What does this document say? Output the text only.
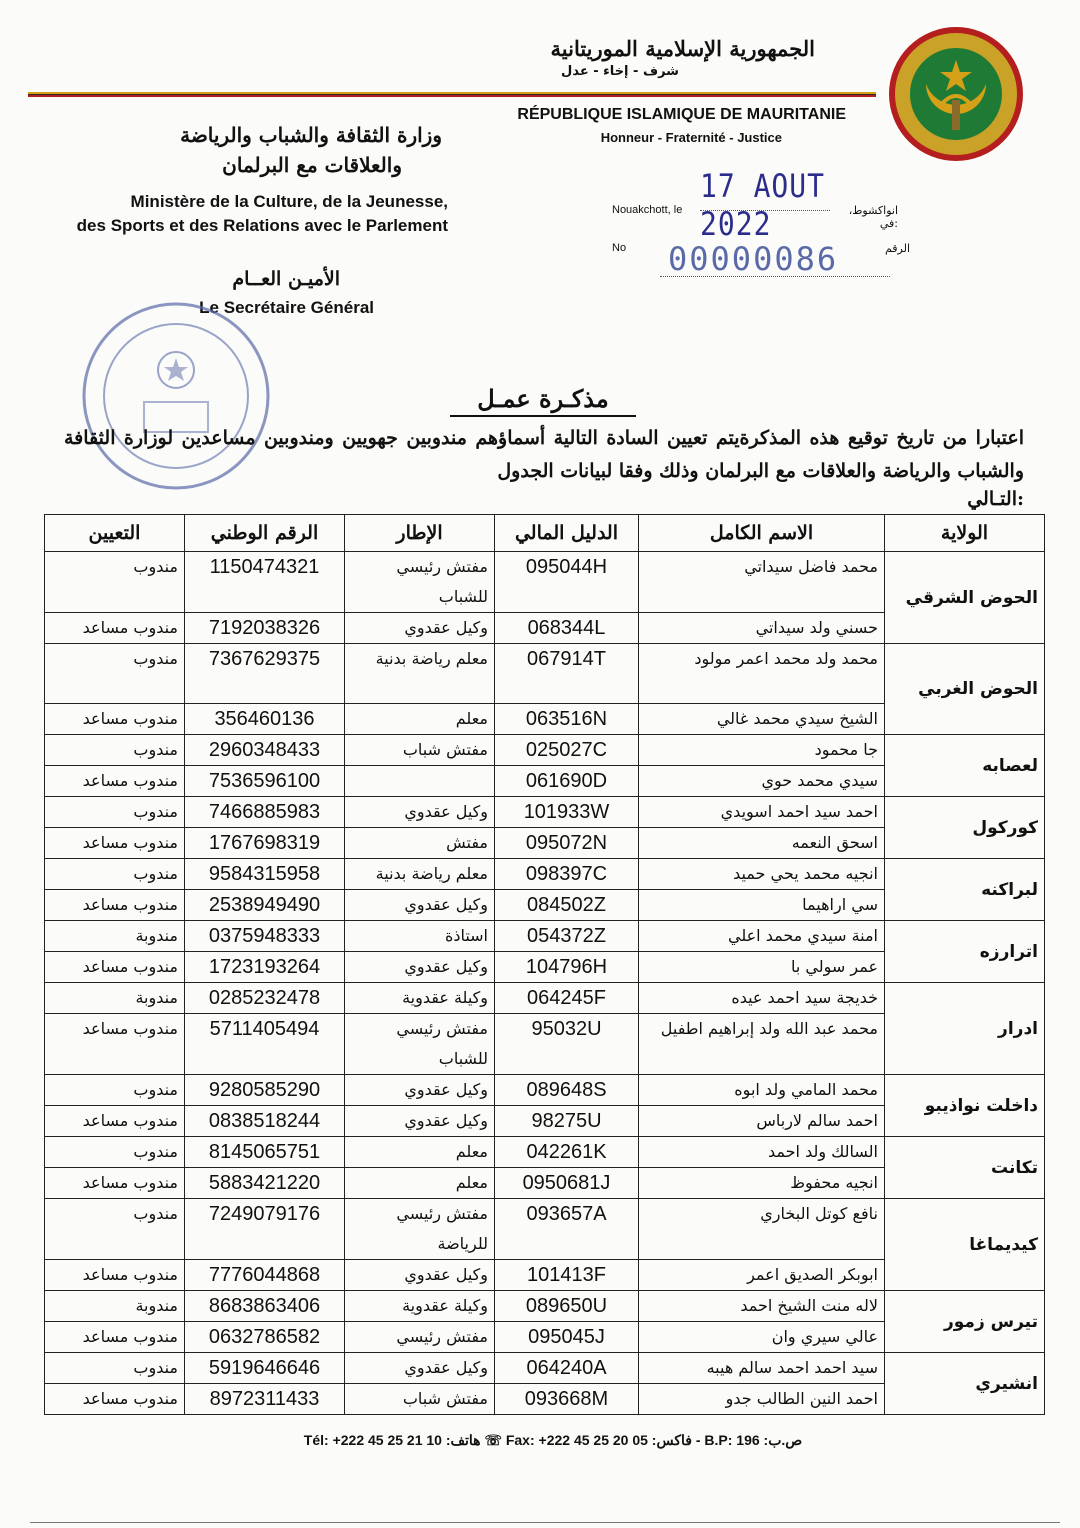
الجمهورية الإسلامية الموريتانية
شرف - إخاء - عدل
RÉPUBLIQUE ISLAMIQUE DE MAURITANIE
Honneur - Fraternité - Justice
وزارة الثقافة والشباب والرياضة
والعلاقات مع البرلمان
Ministère de la Culture, de la Jeunesse,
des Sports et des Relations avec le Parlement
الأميـن العــام
Le Secrétaire Général
Nouakchott, le	انواكشوط، في:
17 AOUT 2022
No	الرقم
00000086
مذكـرة عمـل
اعتبارا من تاريخ توقيع هذه المذكرةيتم تعيين السادة التالية أسماؤهم مندوبين جهويين ومندوبين مساعدين لوزارة الثقافة والشباب والرياضة والعلاقات مع البرلمان وذلك وفقا لبيانات الجدول
التـالي:
الولاية	الاسم الكامل	الدليل المالي	الإطار	الرقم الوطني	التعيين
الحوض الشرقي	محمد فاضل سيداتي	095044H	مفتش رئيسي للشباب	1150474321	مندوب
	حسني ولد سيداتي	068344L	وكيل عقدوي	7192038326	مندوب مساعد
الحوض الغربي	محمد ولد محمد اعمر مولود	067914T	معلم رياضة بدنية	7367629375	مندوب
	الشيخ سيدي محمد غالي	063516N	معلم	356460136	مندوب مساعد
لعصابه	جا محمود	025027C	مفتش شباب	2960348433	مندوب
	سيدي محمد حوي	061690D		7536596100	مندوب مساعد
كوركول	احمد سيد احمد اسويدي	101933W	وكيل عقدوي	7466885983	مندوب
	اسحق النعمه	095072N	مفتش	1767698319	مندوب مساعد
لبراكنه	انجيه محمد يحي حميد	098397C	معلم رياضة بدنية	9584315958	مندوب
	سي اراهيما	084502Z	وكيل عقدوي	2538949490	مندوب مساعد
اترارزه	امنة سيدي محمد اعلي	054372Z	استاذة	0375948333	مندوبة
	عمر سولي با	104796H	وكيل عقدوي	1723193264	مندوب مساعد
ادرار	خديجة سيد احمد عيده	064245F	وكيلة عقدوية	0285232478	مندوبة
	محمد عبد الله ولد إبراهيم اطفيل	95032U	مفتش رئيسي للشباب	5711405494	مندوب مساعد
داخلت نواذيبو	محمد المامي ولد ابوه	089648S	وكيل عقدوي	9280585290	مندوب
	احمد سالم لارباس	98275U	وكيل عقدوي	0838518244	مندوب مساعد
تكانت	السالك ولد احمد	042261K	معلم	8145065751	مندوب
	انجيه محفوظ	0950681J	معلم	5883421220	مندوب مساعد
كيديماغا	نافع كوتل البخاري	093657A	مفتش رئيسي للرياضة	7249079176	مندوب
	ابوبكر الصديق اعمر	101413F	وكيل عقدوي	7776044868	مندوب مساعد
تيرس زمور	لاله منت الشيخ احمد	089650U	وكيلة عقدوية	8683863406	مندوبة
	عالي سيري وان	095045J	مفتش رئيسي	0632786582	مندوب مساعد
انشيري	سيد احمد احمد سالم هيبه	064240A	وكيل عقدوي	5919646646	مندوب
	احمد النين الطالب جدو	093668M	مفتش شباب	8972311433	مندوب مساعد
Tél: +222 45 25 21 10 :هاتف ☏ Fax: +222 45 25 20 05 :فاكس - B.P: 196 :ص.ب
